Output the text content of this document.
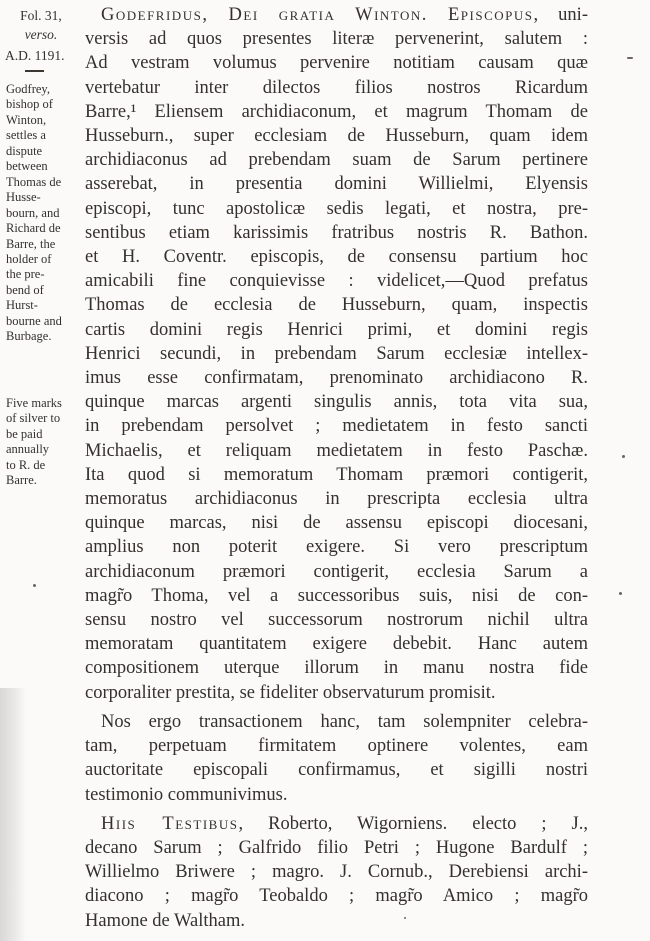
Fol. 31,
verso.
A.D. 1191.
Godfrey,
bishop of
Winton,
settles a
dispute
between
Thomas de
Husse-
bourn, and
Richard de
Barre, the
holder of
the pre-
bend of
Hurst-
bourne and
Burbage.
Five marks
of silver to
be paid
annually
to R. de
Barre.
Godefridus, Dei gratia Winton. Episcopus, uni-
versis ad quos presentes literæ pervenerint, salutem :
Ad vestram volumus pervenire notitiam causam quæ
vertebatur inter dilectos filios nostros Ricardum
Barre,¹ Eliensem archidiaconum, et magrum Thomam de
Husseburn., super ecclesiam de Husseburn, quam idem
archidiaconus ad prebendam suam de Sarum pertinere
asserebat, in presentia domini Willielmi, Elyensis
episcopi, tunc apostolicæ sedis legati, et nostra, pre-
sentibus etiam karissimis fratribus nostris R. Bathon.
et H. Coventr. episcopis, de consensu partium hoc
amicabili fine conquievisse : videlicet,—Quod prefatus
Thomas de ecclesia de Husseburn, quam, inspectis
cartis domini regis Henrici primi, et domini regis
Henrici secundi, in prebendam Sarum ecclesiæ intellex-
imus esse confirmatam, prenominato archidiacono R.
quinque marcas argenti singulis annis, tota vita sua,
in prebendam persolvet ; medietatem in festo sancti
Michaelis, et reliquam medietatem in festo Paschæ.
Ita quod si memoratum Thomam præmori contigerit,
memoratus archidiaconus in prescripta ecclesia ultra
quinque marcas, nisi de assensu episcopi diocesani,
amplius non poterit exigere. Si vero prescriptum
archidiaconum præmori contigerit, ecclesia Sarum a
magr̃o Thoma, vel a successoribus suis, nisi de con-
sensu nostro vel successorum nostrorum nichil ultra
memoratam quantitatem exigere debebit. Hanc autem
compositionem uterque illorum in manu nostra fide
corporaliter prestita, se fideliter observaturum promisit.
Nos ergo transactionem hanc, tam solempniter celebra-
tam, perpetuam firmitatem optinere volentes, eam
auctoritate episcopali confirmamus, et sigilli nostri
testimonio communivimus.
Hiis Testibus, Roberto, Wigorniens. electo ; J.,
decano Sarum ; Galfrido filio Petri ; Hugone Bardulf ;
Willielmo Briwere ; magro. J. Cornub., Derebiensi archi-
diacono ; magr̃o Teobaldo ; magr̃o Amico ; magr̃o
Hamone de Waltham.
